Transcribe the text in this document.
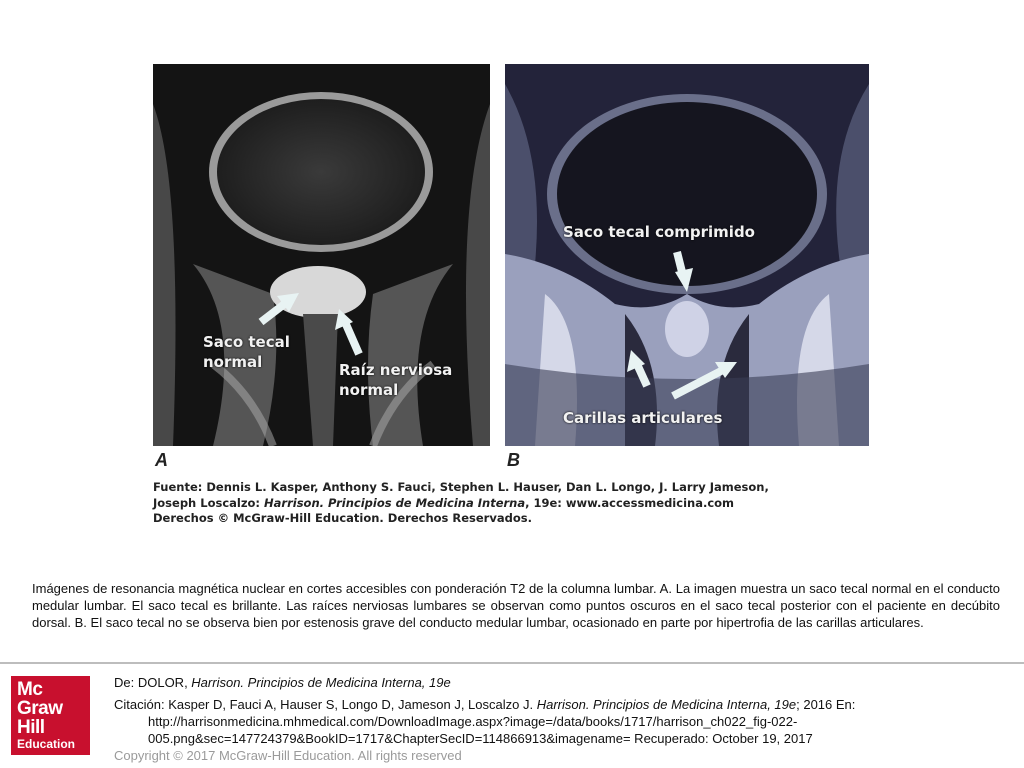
Saco tecal
normal	Raíz nerviosa
normal
Saco tecal comprimido
Carillas articulares
A	B
Fuente: Dennis L. Kasper, Anthony S. Fauci, Stephen L. Hauser, Dan L. Longo, J. Larry Jameson,
Joseph Loscalzo: Harrison. Principios de Medicina Interna, 19e: www.accessmedicina.com
Derechos © McGraw-Hill Education. Derechos Reservados.
Imágenes de resonancia magnética nuclear en cortes accesibles con ponderación T2 de la columna lumbar. A. La imagen muestra un saco tecal normal en el conducto medular lumbar. El saco tecal es brillante. Las raíces nerviosas lumbares se observan como puntos oscuros en el saco tecal posterior con el paciente en decúbito dorsal. B. El saco tecal no se observa bien por estenosis grave del conducto medular lumbar, ocasionado en parte por hipertrofia de las carillas articulares.
Mc
Graw
Hill
Education
De: DOLOR, Harrison. Principios de Medicina Interna, 19e
Citación: Kasper D, Fauci A, Hauser S, Longo D, Jameson J, Loscalzo J. Harrison. Principios de Medicina Interna, 19e; 2016 En: http://harrisonmedicina.mhmedical.com/DownloadImage.aspx?image=/data/books/1717/harrison_ch022_fig-022-005.png&sec=147724379&BookID=1717&ChapterSecID=114866913&imagename= Recuperado: October 19, 2017
Copyright © 2017 McGraw-Hill Education. All rights reserved
